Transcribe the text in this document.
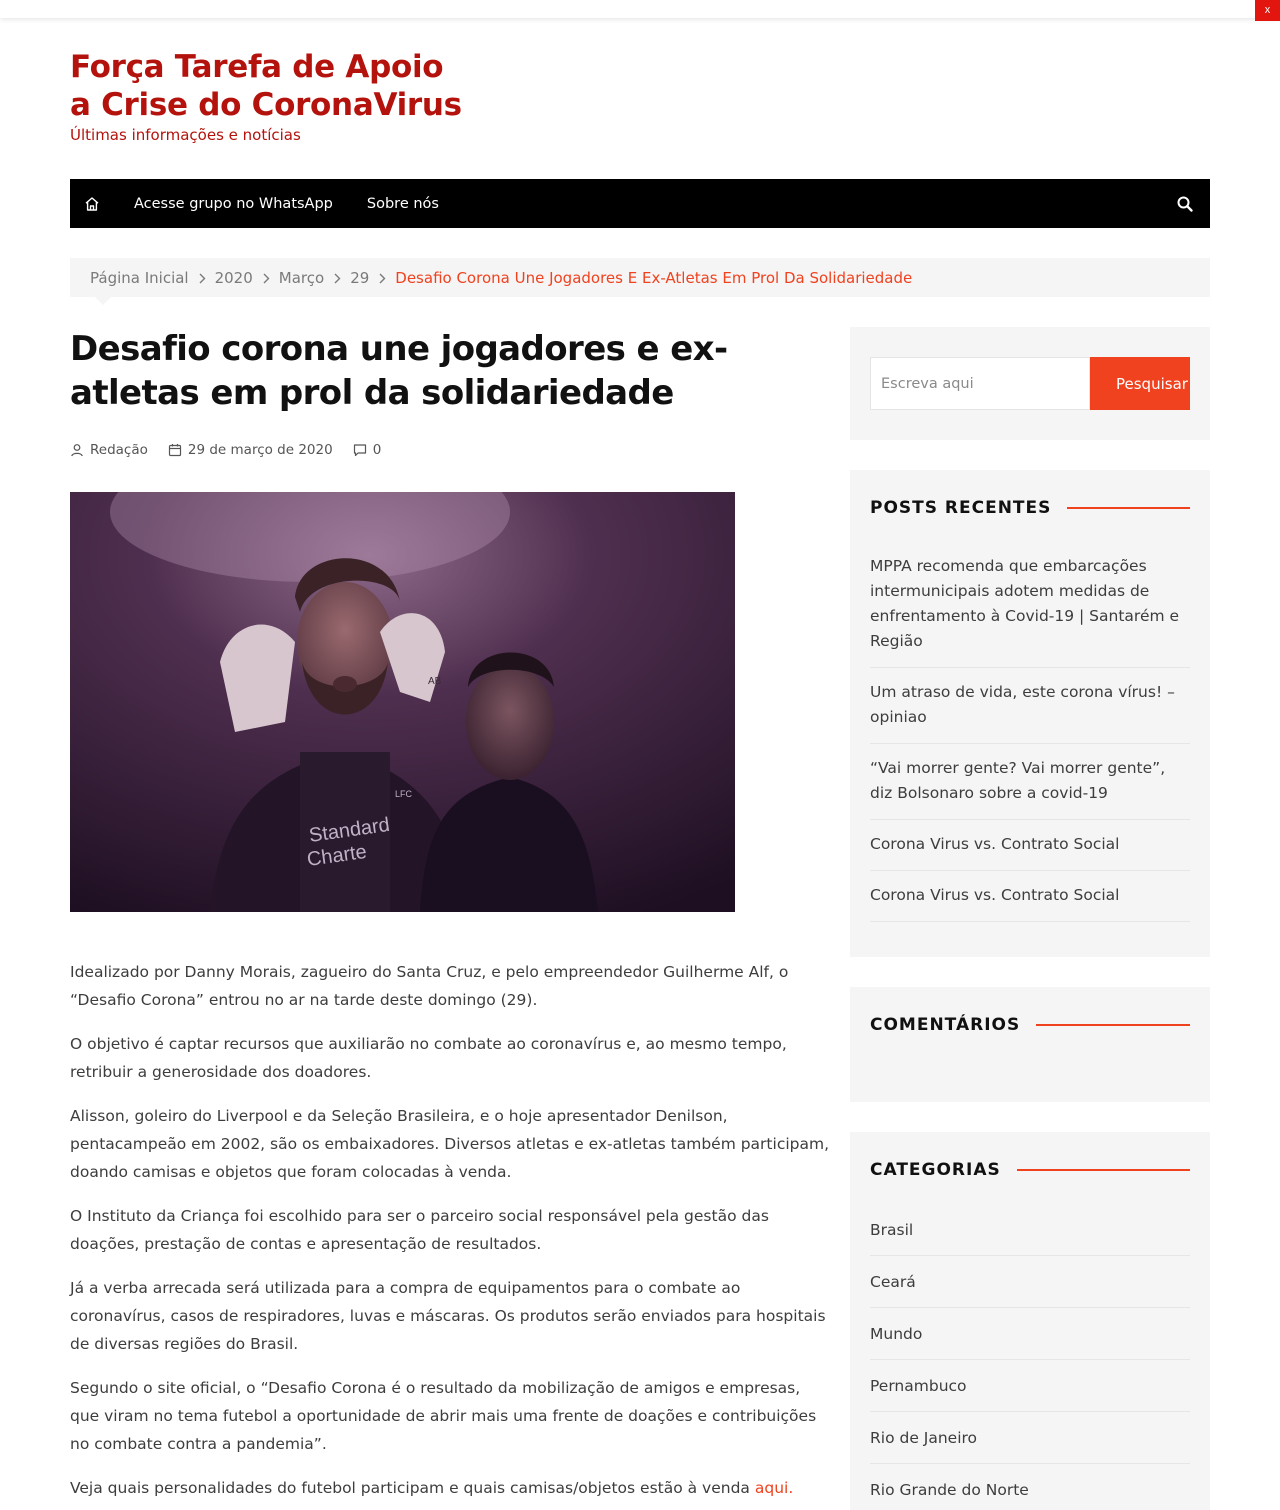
x
Força Tarefa de Apoio
a Crise do CoronaVirus
Últimas informações e notícias
Acesse grupo no WhatsApp Sobre nós
Página Inicial 2020 Março 29 Desafio Corona Une Jogadores E Ex-Atletas Em Prol Da Solidariedade
Desafio corona une jogadores e ex-atletas em prol da solidariedade
Redação	29 de março de 2020	0
Standard
Charte
AB
LFC

Idealizado por Danny Morais, zagueiro do Santa Cruz, e pelo empreendedor Guilherme Alf, o “Desafio Corona” entrou no ar na tarde deste domingo (29).

O objetivo é captar recursos que auxiliarão no combate ao coronavírus e, ao mesmo tempo, retribuir a generosidade dos doadores.

Alisson, goleiro do Liverpool e da Seleção Brasileira, e o hoje apresentador Denilson, pentacampeão em 2002, são os embaixadores. Diversos atletas e ex-atletas também participam, doando camisas e objetos que foram colocadas à venda.

O Instituto da Criança foi escolhido para ser o parceiro social responsável pela gestão das doações, prestação de contas e apresentação de resultados.

Já a verba arrecada será utilizada para a compra de equipamentos para o combate ao coronavírus, casos de respiradores, luvas e máscaras. Os produtos serão enviados para hospitais de diversas regiões do Brasil.

Segundo o site oficial, o “Desafio Corona é o resultado da mobilização de amigos e empresas, que viram no tema futebol a oportunidade de abrir mais uma frente de doações e contribuições no combate contra a pandemia”.

Veja quais personalidades do futebol participam e quais camisas/objetos estão à venda aqui.

Escreva aqui
Pesquisar
POSTS RECENTES
MPPA recomenda que embarcações intermunicipais adotem medidas de enfrentamento à Covid-19 | Santarém e Região
Um atraso de vida, este corona vírus! – opiniao
“Vai morrer gente? Vai morrer gente”, diz Bolsonaro sobre a covid-19
Corona Virus vs. Contrato Social
Corona Virus vs. Contrato Social
COMENTÁRIOS
CATEGORIAS
Brasil
Ceará
Mundo
Pernambuco
Rio de Janeiro
Rio Grande do Norte
